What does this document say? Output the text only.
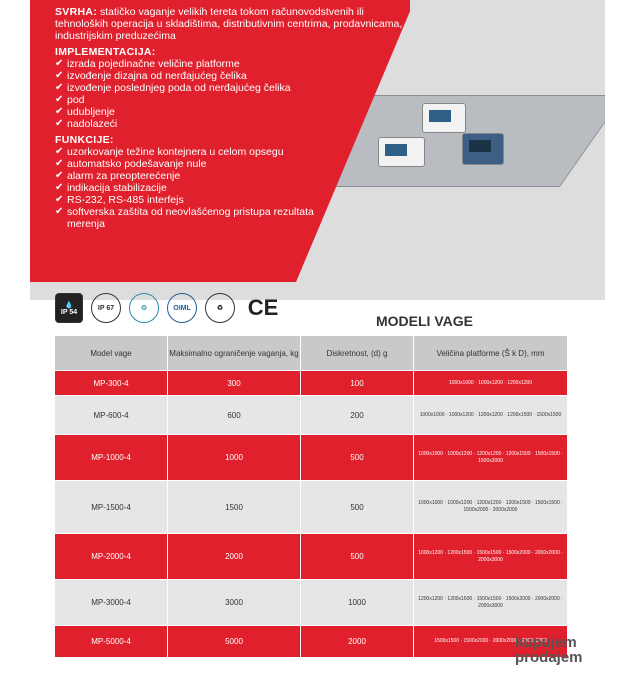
SVRHA: statičko vaganje velikih tereta tokom računovodstvenih ili tehnoloških operacija u skladištima, distributivnim centrima, prodavnicama, industrijskim preduzećima
IMPLEMENTACIJA:
✔ izrada pojedinačne veličine platforme
✔ izvođenje dizajna od nerđajućeg čelika
✔ izvođenje poslednjeg poda od nerđajućeg čelika
✔ pod
✔ udubljenje
✔ nadolazeći
FUNKCIJE:
✔ uzorkovanje težine kontejnera u celom opsegu
✔ automatsko podešavanje nule
✔ alarm za preopterećenje
✔ indikacija stabilizacije
✔ RS-232, RS-485 interfejs
✔ softverska zaštita od neovlašćenog pristupa rezultata merenja
💧
IP 54
IP 67	♲	OIML	♻	CE
MODELI VAGE
Model vage	Maksimalno ograničenje vaganja, kg	Diskretnost, (d) g	Veličina platforme (Š k D), mm
MP-300-4	300	100	1000x1000 · 1000x1200 · 1200x1200
MP-600-4	600	200	1000x1000 · 1000x1200 · 1200x1200 · 1200x1500 · 1500x1500
MP-1000-4	1000	500	1000x1000 · 1000x1200 · 1200x1200 · 1200x1500 · 1500x1500 · 1500x2000
MP-1500-4	1500	500	1000x1000 · 1000x1200 · 1200x1200 · 1200x1500 · 1500x1500 · 1500x2000 · 2000x2000
MP-2000-4	2000	500	1000x1200 · 1200x1500 · 1500x1500 · 1500x2000 · 2000x2000 · 2000x3000
MP-3000-4	3000	1000	1200x1200 · 1200x1500 · 1500x1500 · 1500x2000 · 2000x2000 · 2000x3000
MP-5000-4	5000	2000	1500x1500 · 1500x2000 · 2000x2000 · 2000x3000
kupujem prodajem
